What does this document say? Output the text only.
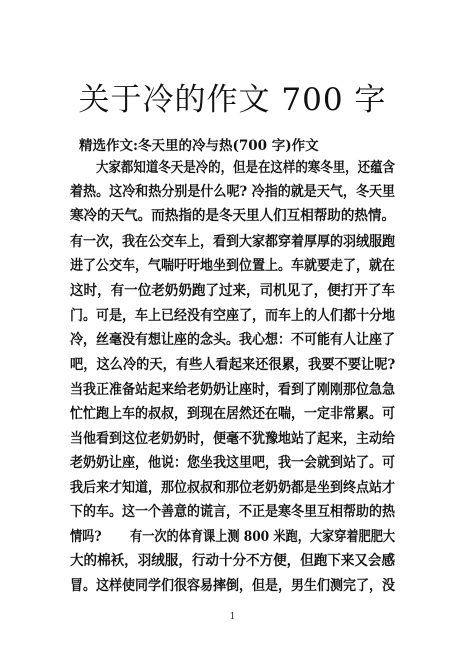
关于冷的作文 700 字
精选作文:冬天里的冷与热(700 字)作文
大家都知道冬天是冷的，但是在这样的寒冬里，还蕴含
着热。这冷和热分别是什么呢? 冷指的就是天气，冬天里
寒冷的天气。而热指的是冬天里人们互相帮助的热情。
有一次，我在公交车上，看到大家都穿着厚厚的羽绒服跑
进了公交车，气喘吁吁地坐到位置上。车就要走了，就在
这时，有一位老奶奶跑了过来，司机见了，便打开了车
门。可是，车上已经没有空座了，而车上的人们都十分地
冷，丝毫没有想让座的念头。我心想：不可能有人让座了
吧，这么冷的天，有些人看起来还很累，我要不要让呢?
当我正准备站起来给老奶奶让座时，看到了刚刚那位急急
忙忙跑上车的叔叔，到现在居然还在喘，一定非常累。可
当他看到这位老奶奶时，便毫不犹豫地站了起来，主动给
老奶奶让座，他说：您坐我这里吧，我一会就到站了。可
我后来才知道，那位叔叔和那位老奶奶都是坐到终点站才
下的车。这一个善意的谎言，不正是寒冬里互相帮助的热
情吗?　　 有一次的体育课上测 800 米跑，大家穿着肥肥大
大的棉袄，羽绒服，行动十分不方便，但跑下来又会感
冒。这样使同学们很容易摔倒，但是，男生们测完了，没
1
